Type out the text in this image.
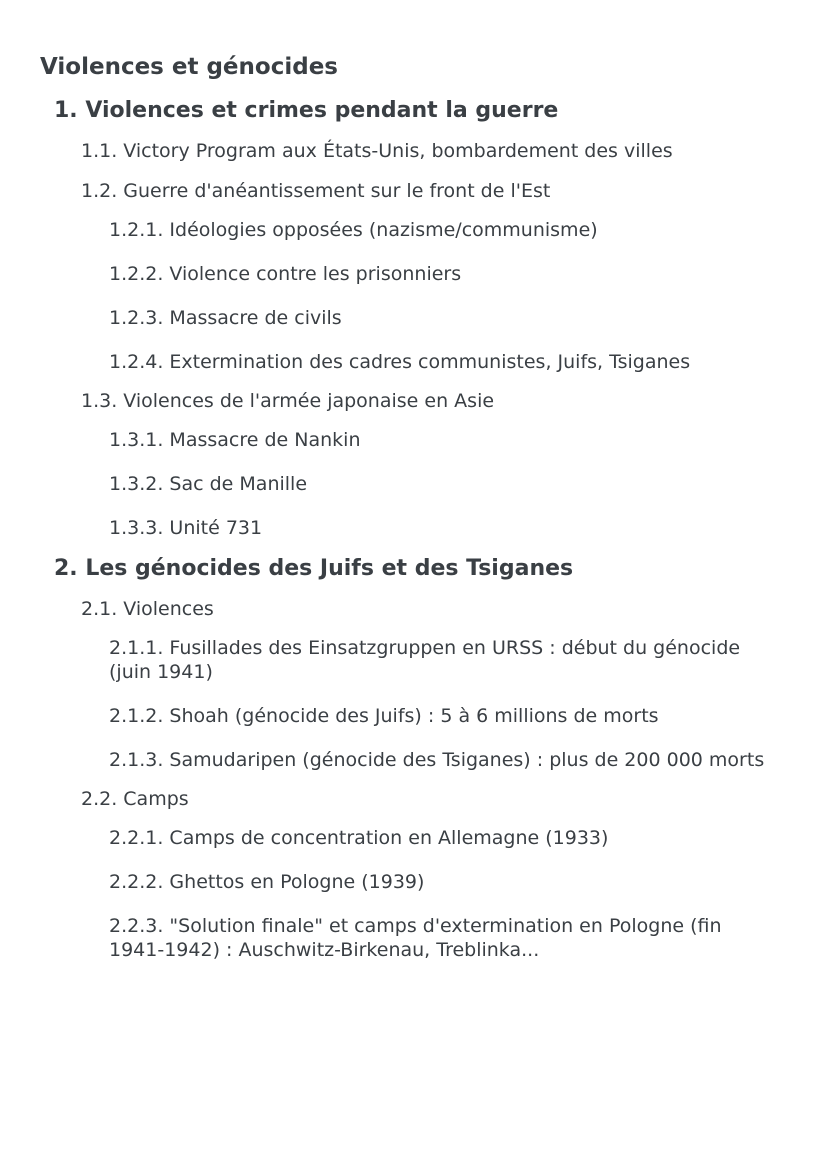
Violences et génocides
1. Violences et crimes pendant la guerre
1.1. Victory Program aux États-Unis, bombardement des villes
1.2. Guerre d'anéantissement sur le front de l'Est
1.2.1. Idéologies opposées (nazisme/communisme)
1.2.2. Violence contre les prisonniers
1.2.3. Massacre de civils
1.2.4. Extermination des cadres communistes, Juifs, Tsiganes
1.3. Violences de l'armée japonaise en Asie
1.3.1. Massacre de Nankin
1.3.2. Sac de Manille
1.3.3. Unité 731
2. Les génocides des Juifs et des Tsiganes
2.1. Violences
2.1.1. Fusillades des Einsatzgruppen en URSS : début du génocide (juin 1941)
2.1.2. Shoah (génocide des Juifs) : 5 à 6 millions de morts
2.1.3. Samudaripen (génocide des Tsiganes) : plus de 200 000 morts
2.2. Camps
2.2.1. Camps de concentration en Allemagne (1933)
2.2.2. Ghettos en Pologne (1939)
2.2.3. "Solution finale" et camps d'extermination en Pologne (fin 1941-1942) : Auschwitz-Birkenau, Treblinka...
